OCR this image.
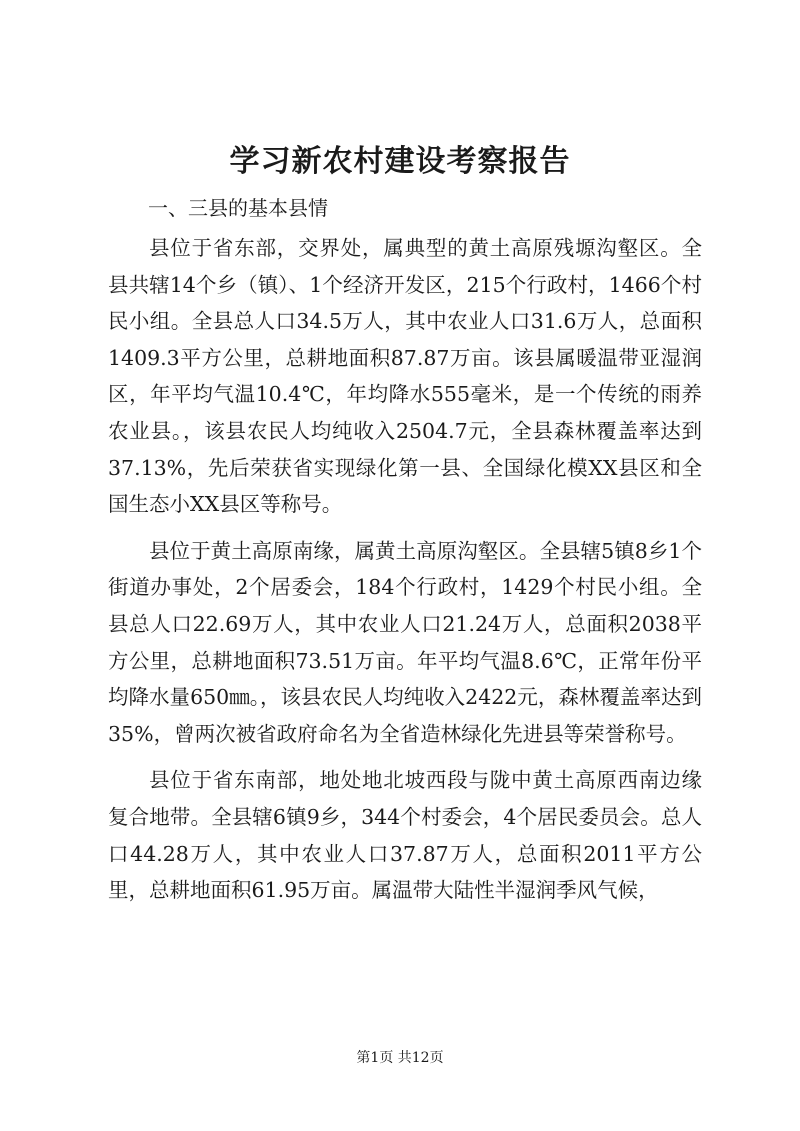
学习新农村建设考察报告

一、三县的基本县情

县位于省东部，交界处，属典型的黄土高原残塬沟壑区。全县共辖14个乡（镇）、1个经济开发区，215个行政村，1466个村民小组。全县总人口34.5万人，其中农业人口31.6万人，总面积1409.3平方公里，总耕地面积87.87万亩。该县属暖温带亚湿润区，年平均气温10.4℃，年均降水555毫米，是一个传统的雨养农业县。，该县农民人均纯收入2504.7元，全县森林覆盖率达到37.13%，先后荣获省实现绿化第一县、全国绿化模XX县区和全国生态小XX县区等称号。

县位于黄土高原南缘，属黄土高原沟壑区。全县辖5镇8乡1个街道办事处，2个居委会，184个行政村，1429个村民小组。全县总人口22.69万人，其中农业人口21.24万人，总面积2038平方公里，总耕地面积73.51万亩。年平均气温8.6℃，正常年份平均降水量650㎜。，该县农民人均纯收入2422元，森林覆盖率达到35%，曾两次被省政府命名为全省造林绿化先进县等荣誉称号。

县位于省东南部，地处地北坡西段与陇中黄土高原西南边缘复合地带。全县辖6镇9乡，344个村委会，4个居民委员会。总人口44.28万人，其中农业人口37.87万人，总面积2011平方公里，总耕地面积61.95万亩。属温带大陆性半湿润季风气候，

第1页 共12页
